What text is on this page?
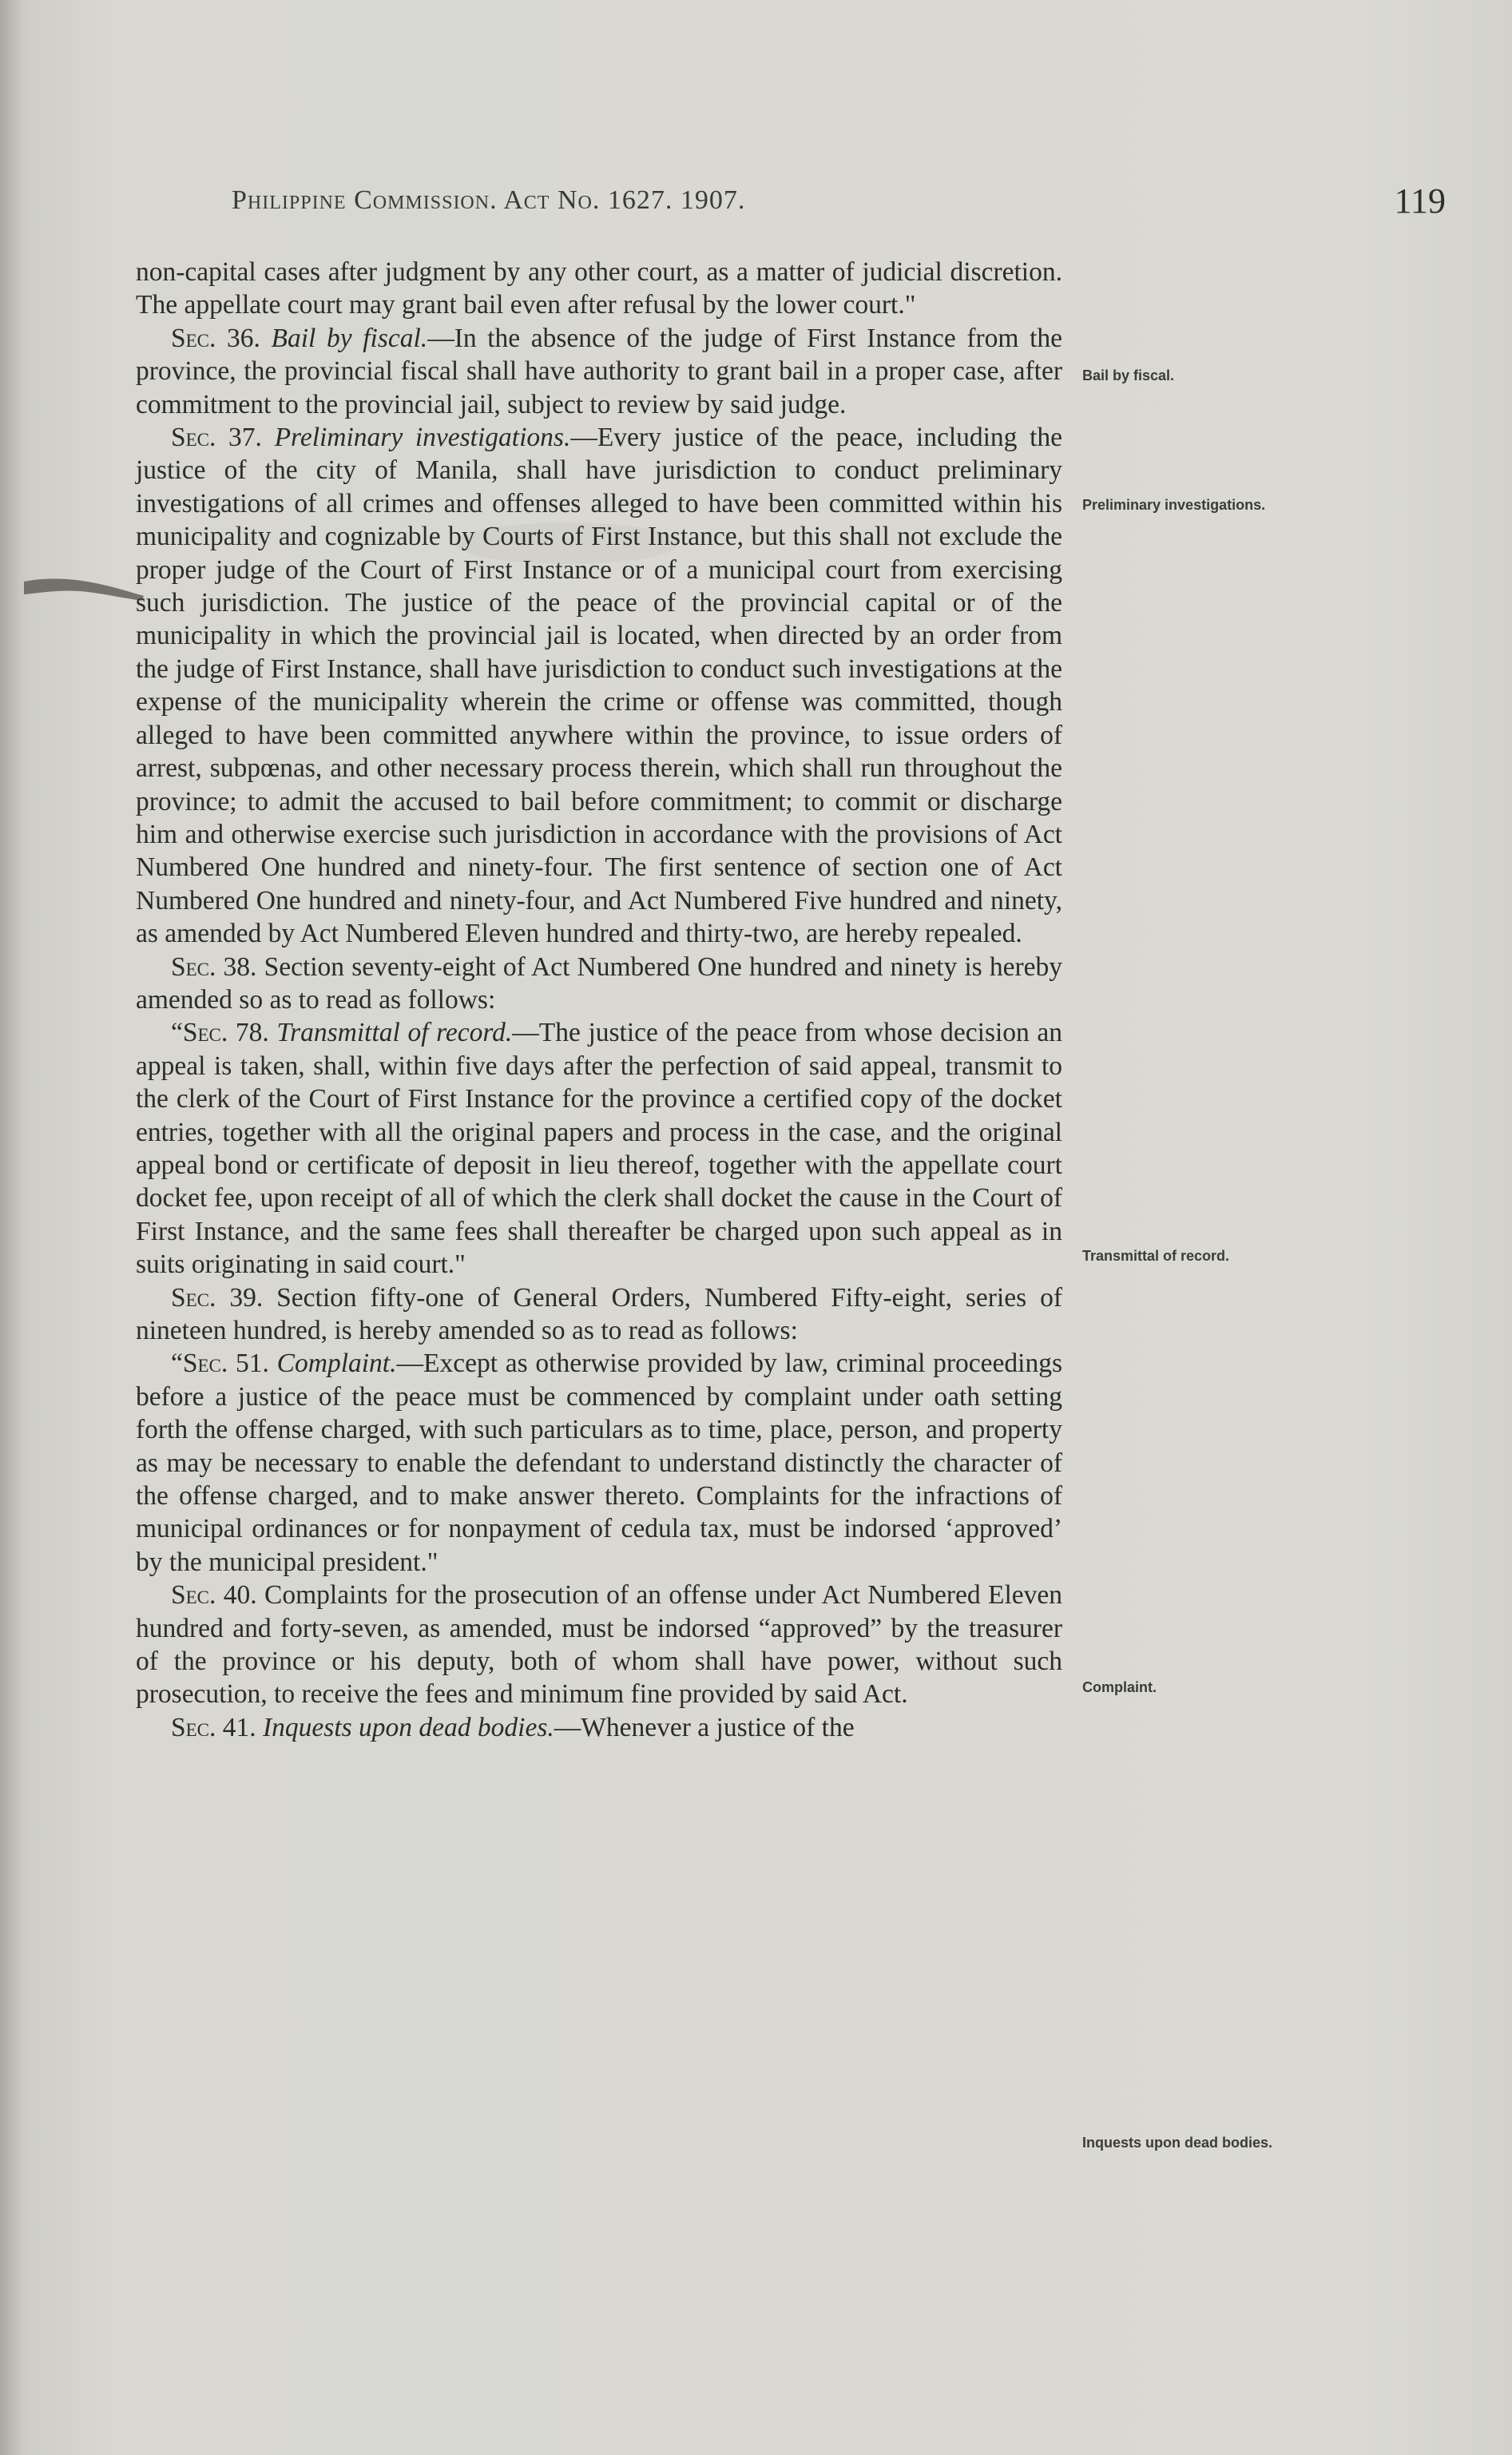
Philippine Commission. Act No. 1627. 1907.	119

non-capital cases after judgment by any other court, as a matter of judicial discretion. The appellate court may grant bail even after refusal by the lower court."

Sec. 36. Bail by fiscal.—In the absence of the judge of First Instance from the province, the provincial fiscal shall have authority to grant bail in a proper case, after commitment to the provincial jail, subject to review by said judge.

Sec. 37. Preliminary investigations.—Every justice of the peace, including the justice of the city of Manila, shall have jurisdiction to conduct preliminary investigations of all crimes and offenses alleged to have been committed within his municipality and cognizable by Courts of First Instance, but this shall not exclude the proper judge of the Court of First Instance or of a municipal court from exercising such jurisdiction. The justice of the peace of the provincial capital or of the municipality in which the provincial jail is located, when directed by an order from the judge of First Instance, shall have jurisdiction to conduct such investigations at the expense of the municipality wherein the crime or offense was committed, though alleged to have been committed anywhere within the province, to issue orders of arrest, subpœnas, and other necessary process therein, which shall run throughout the province; to admit the accused to bail before commitment; to commit or discharge him and otherwise exercise such jurisdiction in accordance with the provisions of Act Numbered One hundred and ninety-four. The first sentence of section one of Act Numbered One hundred and ninety-four, and Act Numbered Five hundred and ninety, as amended by Act Numbered Eleven hundred and thirty-two, are hereby repealed.

Sec. 38. Section seventy-eight of Act Numbered One hundred and ninety is hereby amended so as to read as follows:

“Sec. 78. Transmittal of record.—The justice of the peace from whose decision an appeal is taken, shall, within five days after the perfection of said appeal, transmit to the clerk of the Court of First Instance for the province a certified copy of the docket entries, together with all the original papers and process in the case, and the original appeal bond or certificate of deposit in lieu thereof, together with the appellate court docket fee, upon receipt of all of which the clerk shall docket the cause in the Court of First Instance, and the same fees shall thereafter be charged upon such appeal as in suits originating in said court."

Sec. 39. Section fifty-one of General Orders, Numbered Fifty-eight, series of nineteen hundred, is hereby amended so as to read as follows:

“Sec. 51. Complaint.—Except as otherwise provided by law, criminal proceedings before a justice of the peace must be commenced by complaint under oath setting forth the offense charged, with such particulars as to time, place, person, and property as may be necessary to enable the defendant to understand distinctly the character of the offense charged, and to make answer thereto. Complaints for the infractions of municipal ordinances or for nonpayment of cedula tax, must be indorsed ‘approved’ by the municipal president."

Sec. 40. Complaints for the prosecution of an offense under Act Numbered Eleven hundred and forty-seven, as amended, must be indorsed “approved” by the treasurer of the province or his deputy, both of whom shall have power, without such prosecution, to receive the fees and minimum fine provided by said Act.

Sec. 41. Inquests upon dead bodies.—Whenever a justice of the

Bail by fiscal.
Preliminary investigations.
Transmittal of record.
Complaint.
Inquests upon dead bodies.
